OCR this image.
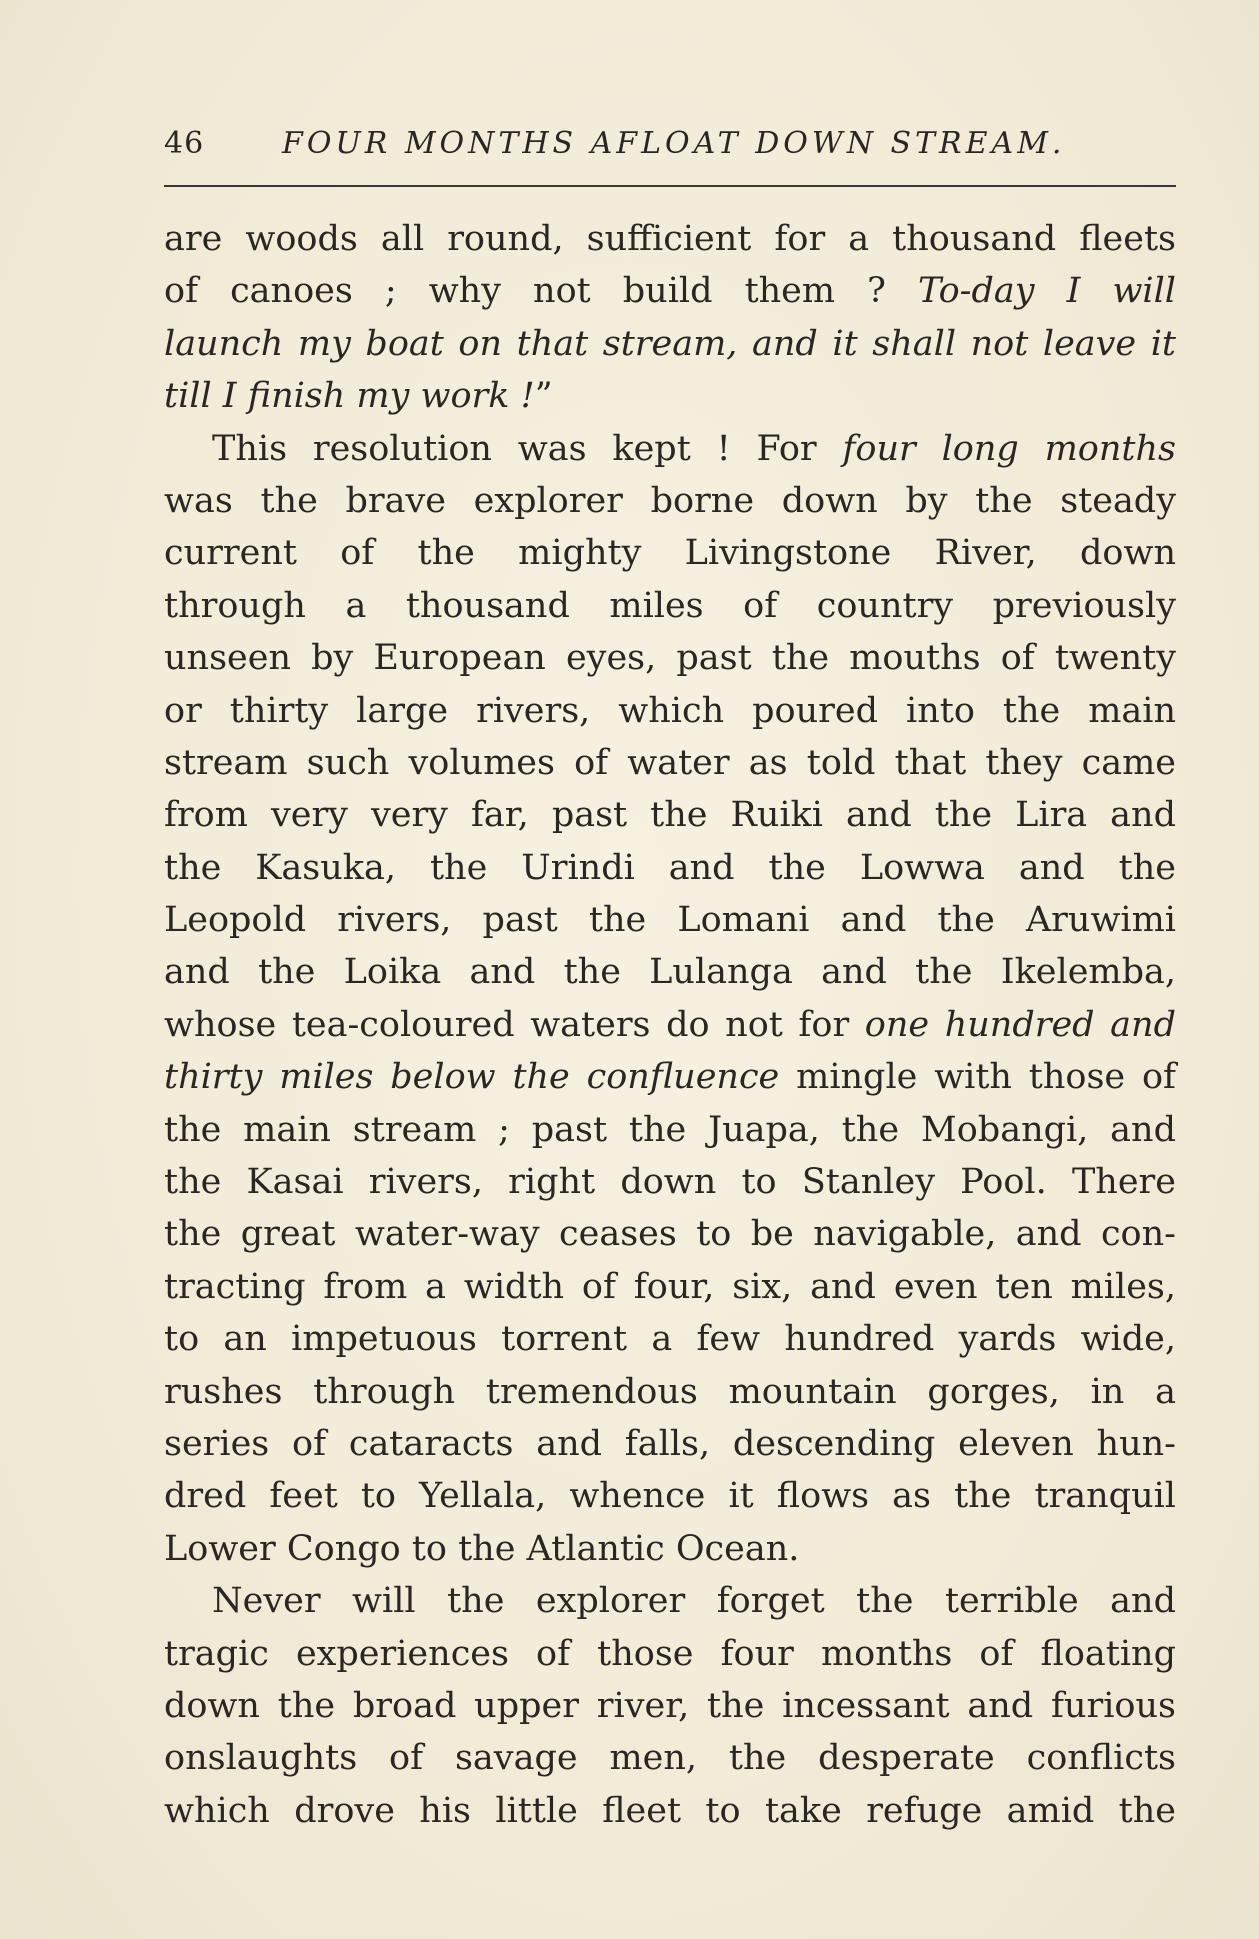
46	FOUR MONTHS AFLOAT DOWN STREAM.
are woods all round, sufficient for a thousand fleets
of canoes ; why not build them ? To-day I will
launch my boat on that stream, and it shall not leave it
till I finish my work !”
This resolution was kept ! For four long months
was the brave explorer borne down by the steady
current of the mighty Livingstone River, down
through a thousand miles of country previously
unseen by European eyes, past the mouths of twenty
or thirty large rivers, which poured into the main
stream such volumes of water as told that they came
from very very far, past the Ruiki and the Lira and
the Kasuka, the Urindi and the Lowwa and the
Leopold rivers, past the Lomani and the Aruwimi
and the Loika and the Lulanga and the Ikelemba,
whose tea-coloured waters do not for one hundred and
thirty miles below the confluence mingle with those of
the main stream ; past the Juapa, the Mobangi, and
the Kasai rivers, right down to Stanley Pool. There
the great water-way ceases to be navigable, and con-
tracting from a width of four, six, and even ten miles,
to an impetuous torrent a few hundred yards wide,
rushes through tremendous mountain gorges, in a
series of cataracts and falls, descending eleven hun-
dred feet to Yellala, whence it flows as the tranquil
Lower Congo to the Atlantic Ocean.
Never will the explorer forget the terrible and
tragic experiences of those four months of floating
down the broad upper river, the incessant and furious
onslaughts of savage men, the desperate conflicts
which drove his little fleet to take refuge amid the
